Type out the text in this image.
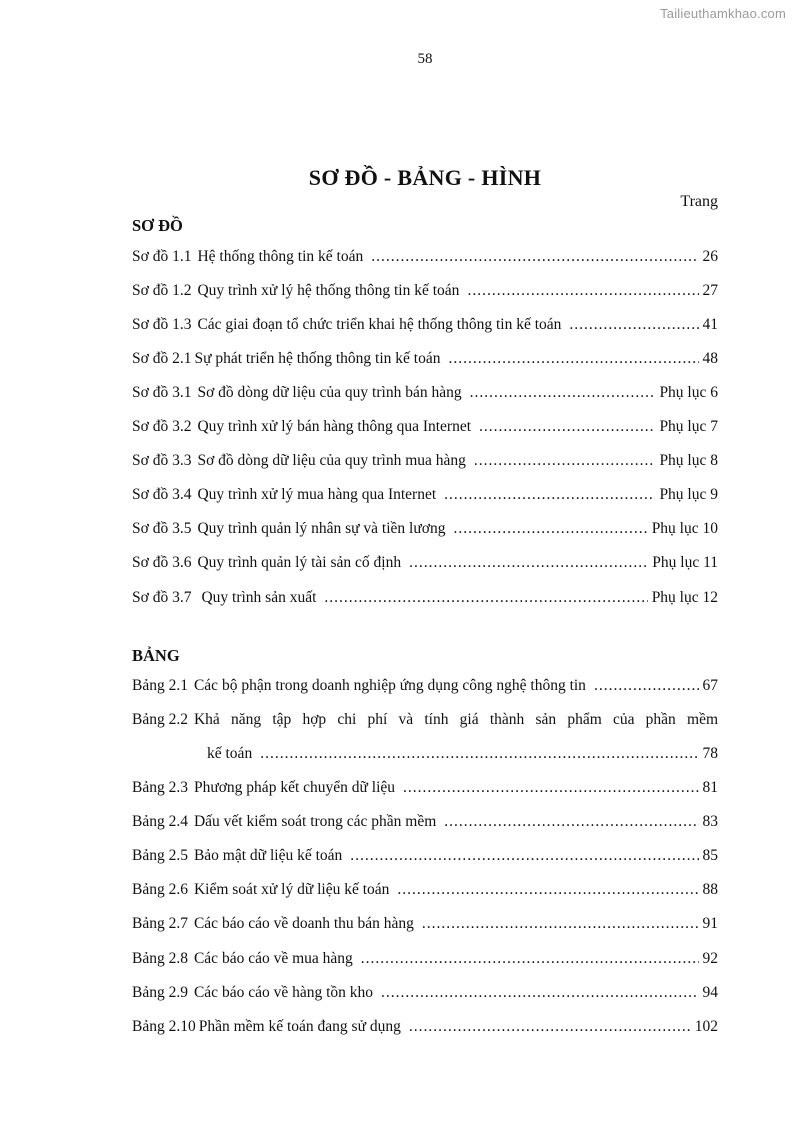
Tailieuthamkhao.com
58
SƠ ĐỒ - BẢNG - HÌNH
Trang
SƠ ĐỒ
Sơ đồ 1.1 Hệ thống thông tin kế toán .....	26
Sơ đồ 1.2 Quy trình xử lý hệ thống thông tin kế toán .....	27
Sơ đồ 1.3 Các giai đoạn tổ chức triển khai hệ thống thông tin kế toán .....	41
Sơ đồ 2.1 Sự phát triển hệ thống thông tin kế toán .....	48
Sơ đồ 3.1 Sơ đồ dòng dữ liệu của quy trình bán hàng .....	Phụ lục 6
Sơ đồ 3.2 Quy trình xử lý bán hàng thông qua Internet .....	Phụ lục 7
Sơ đồ 3.3 Sơ đồ dòng dữ liệu của quy trình mua hàng .....	Phụ lục 8
Sơ đồ 3.4 Quy trình xử lý mua hàng qua Internet .....	Phụ lục 9
Sơ đồ 3.5 Quy trình quản lý nhân sự và tiền lương .....	Phụ lục 10
Sơ đồ 3.6 Quy trình quản lý tài sản cố định .....	Phụ lục 11
Sơ đồ 3.7 Quy trình sản xuất .....	Phụ lục 12
BẢNG
Bảng 2.1 Các bộ phận trong doanh nghiệp ứng dụng công nghệ thông tin .....	67
Bảng 2.2 Khả năng tập hợp chi phí và tính giá thành sản phẩm của phần mềm
kế toán .....	78
Bảng 2.3 Phương pháp kết chuyển dữ liệu .....	81
Bảng 2.4 Dấu vết kiểm soát trong các phần mềm .....	83
Bảng 2.5 Bảo mật dữ liệu kế toán .....	85
Bảng 2.6 Kiểm soát xử lý dữ liệu kế toán .....	88
Bảng 2.7 Các báo cáo về doanh thu bán hàng .....	91
Bảng 2.8 Các báo cáo về mua hàng .....	92
Bảng 2.9 Các báo cáo về hàng tồn kho .....	94
Bảng 2.10 Phần mềm kế toán đang sử dụng .....	102
